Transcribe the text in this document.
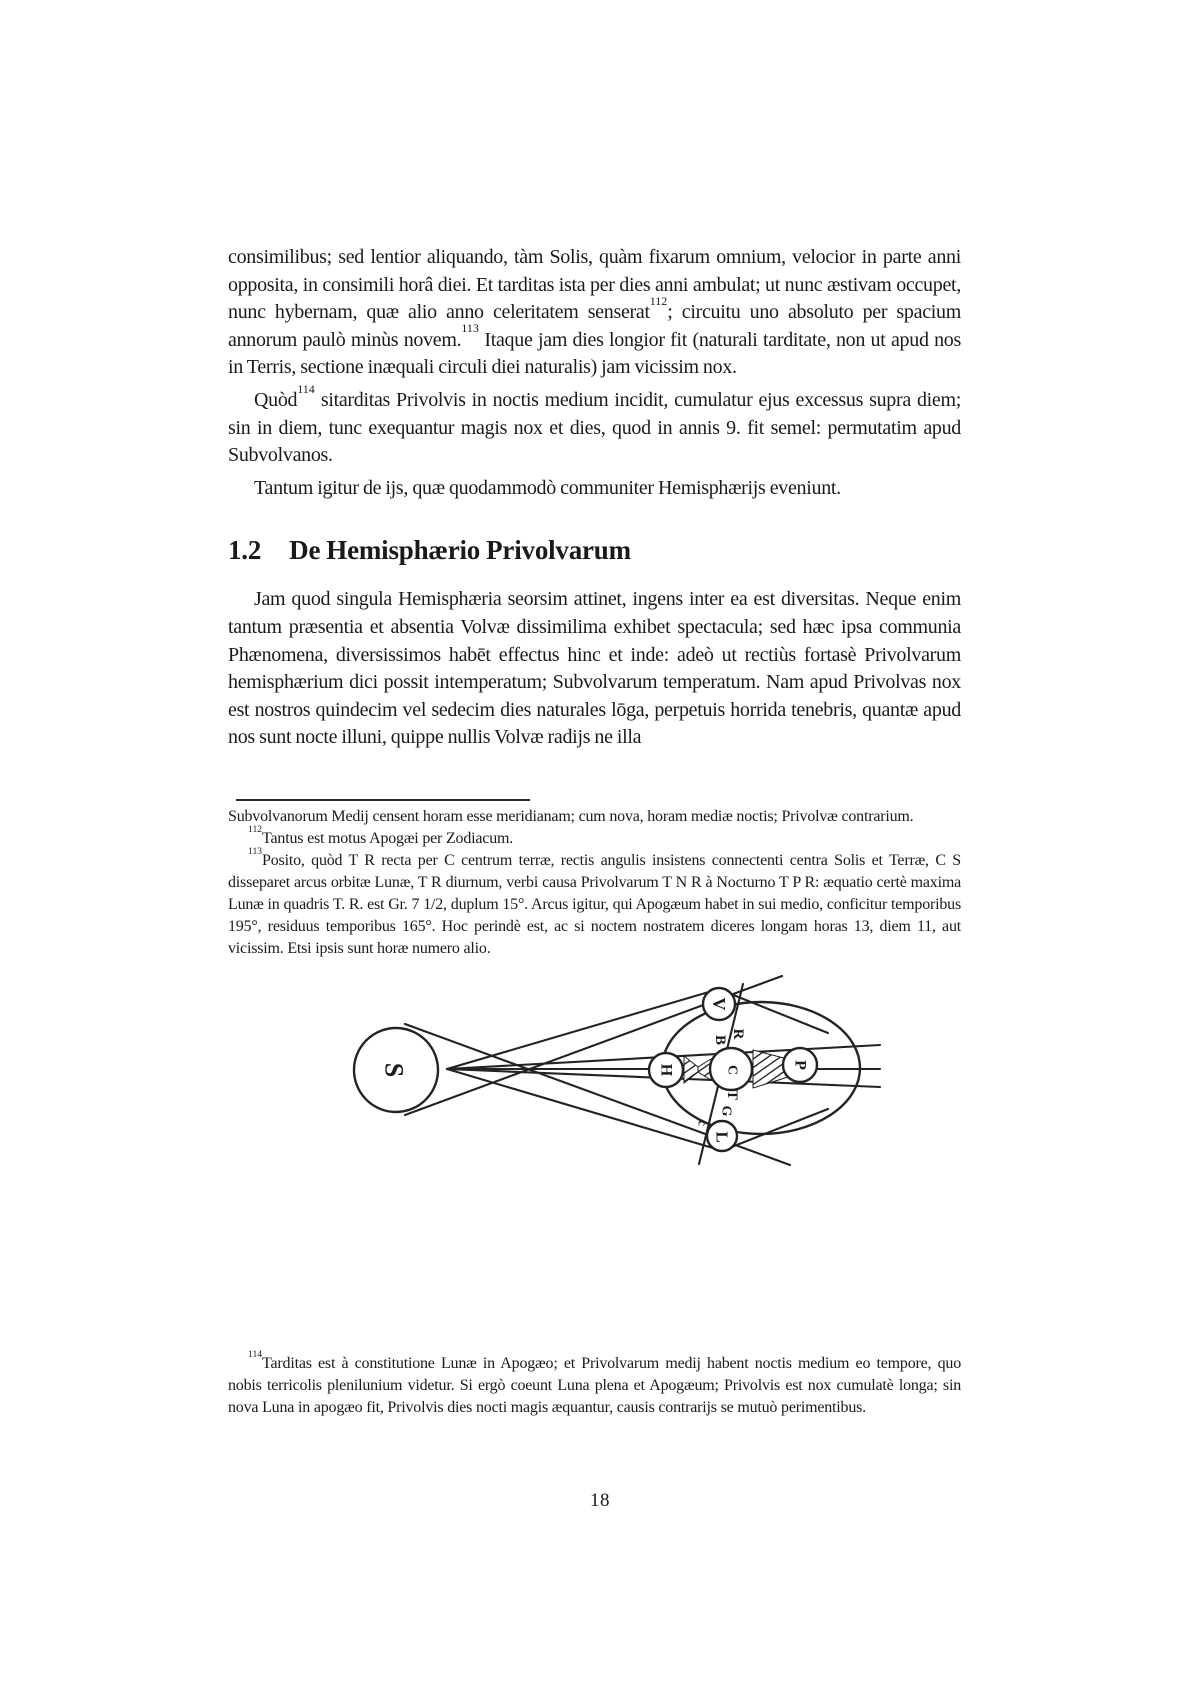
consimilibus; sed lentior aliquando, tàm Solis, quàm fixarum omnium, velocior in parte anni opposita, in consimili horâ diei. Et tarditas ista per dies anni ambulat; ut nunc æstivam occupet, nunc hybernam, quæ alio anno celeritatem senserat$^{112}$; circuitu uno absoluto per spacium annorum paulò minùs novem.$^{113}$ Itaque jam dies longior fit (naturali tarditate, non ut apud nos in Terris, sectione inæquali circuli diei naturalis) jam vicissim nox.

Quòd$^{114}$ sitarditas Privolvis in noctis medium incidit, cumulatur ejus excessus supra diem; sin in diem, tunc exequantur magis nox et dies, quod in annis 9. fit semel: permutatim apud Subvolvanos.

Tantum igitur de ijs, quæ quodammodò communiter Hemisphærijs eveniunt.

1.2 De Hemisphærio Privolvarum

Jam quod singula Hemisphæria seorsim attinet, ingens inter ea est diversitas. Neque enim tantum præsentia et absentia Volvæ dissimilima exhibet spectacula; sed hæc ipsa communia Phænomena, diversissimos habēt effectus hinc et inde: adeò ut rectiùs fortasè Privolvarum hemisphærium dici possit intemperatum; Subvolvarum temperatum. Nam apud Privolvas nox est nostros quindecim vel sedecim dies naturales lōga, perpetuis horrida tenebris, quantæ apud nos sunt nocte illuni, quippe nullis Volvæ radijs ne illa

Subvolvanorum Medij censent horam esse meridianam; cum nova, horam mediæ noctis; Privolvæ contrarium.

$^{112}$Tantus est motus Apogæi per Zodiacum.

$^{113}$Posito, quòd T R recta per C centrum terræ, rectis angulis insistens connectenti centra Solis et Terræ, C S disseparet arcus orbitæ Lunæ, T R diurnum, verbi causa Privolvarum T N R à Nocturno T P R: æquatio certè maxima Lunæ in quadris T. R. est Gr. 7 1/2, duplum 15°. Arcus igitur, qui Apogæum habet in sui medio, conficitur temporibus 195°, residuus temporibus 165°. Hoc perindè est, ac si noctem nostratem diceres longam horas 13, diem 11, aut vicissim. Etsi ipsis sunt horæ numero alio.

S
V
B
R
H	C
T
G
c
L
P

$^{114}$Tarditas est à constitutione Lunæ in Apogæo; et Privolvarum medij habent noctis medium eo tempore, quo nobis terricolis plenilunium videtur. Si ergò coeunt Luna plena et Apogæum; Privolvis est nox cumulatè longa; sin nova Luna in apogæo fit, Privolvis dies nocti magis æquantur, causis contrarijs se mutuò perimentibus.

18
